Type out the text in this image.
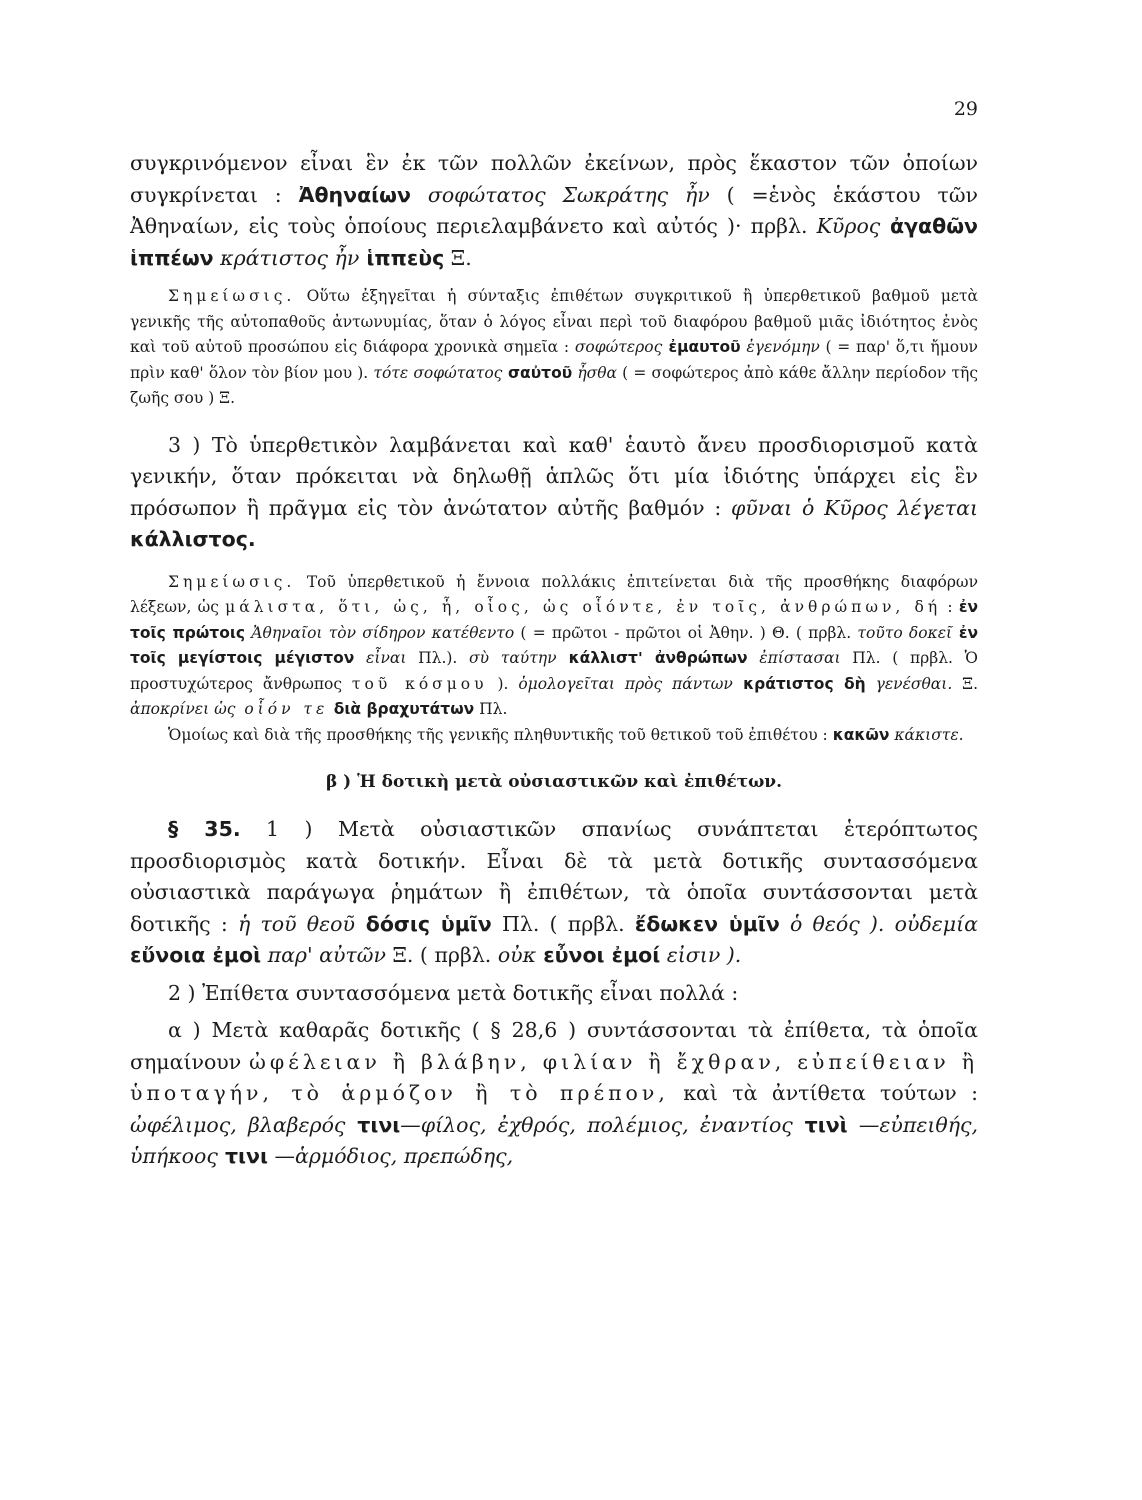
29

συγκρινόμενον εἶναι ἓν ἐκ τῶν πολλῶν ἐκείνων, πρὸς ἕκαστον τῶν ὁποίων συγκρίνεται : Ἀθηναίων σοφώτατος Σωκράτης ἦν ( =ἑνὸς ἑκάστου τῶν Ἀθηναίων, εἰς τοὺς ὁποίους περιελαμβάνετο καὶ αὐτός )· πρβλ. Κῦρος ἀγαθῶν ἱππέων κράτιστος ἦν ἱππεὺς Ξ.

Σημείωσις. Οὕτω ἐξηγεῖται ἡ σύνταξις ἐπιθέτων συγκριτικοῦ ἢ ὑπερθετικοῦ βαθμοῦ μετὰ γενικῆς τῆς αὐτοπαθοῦς ἀντωνυμίας, ὅταν ὁ λόγος εἶναι περὶ τοῦ διαφόρου βαθμοῦ μιᾶς ἰδιότητος ἑνὸς καὶ τοῦ αὐτοῦ προσώπου εἰς διάφορα χρονικὰ σημεῖα : σοφώτερος ἐμαυτοῦ ἐγενόμην ( = παρ' ὅ,τι ἤμουν πρὶν καθ' ὅλον τὸν βίον μου ). τότε σοφώτατος σαὐτοῦ ἦσθα ( = σοφώτερος ἀπὸ κάθε ἄλλην περίοδον τῆς ζωῆς σου ) Ξ.

3 ) Τὸ ὑπερθετικὸν λαμβάνεται καὶ καθ' ἑαυτὸ ἄνευ προσδιορισμοῦ κατὰ γενικήν, ὅταν πρόκειται νὰ δηλωθῇ ἁπλῶς ὅτι μία ἰδιότης ὑπάρχει εἰς ἓν πρόσωπον ἢ πρᾶγμα εἰς τὸν ἀνώτατον αὐτῆς βαθμόν : φῦναι ὁ Κῦρος λέγεται κάλλιστος.

Σημείωσις. Τοῦ ὑπερθετικοῦ ἡ ἔννοια πολλάκις ἐπιτείνεται διὰ τῆς προσθήκης διαφόρων λέξεων, ὡς μάλιστα, ὅτι, ὡς, ἧ, οἷος, ὡς οἷόντε, ἐν τοῖς, ἀνθρώπων, δή : ἐν τοῖς πρώτοις Ἀθηναῖοι τὸν σίδηρον κατέθεντο ( = πρῶτοι - πρῶτοι οἱ Ἀθην. ) Θ. ( πρβλ. τοῦτο δοκεῖ ἐν τοῖς μεγίστοις μέγιστον εἶναι Πλ.). σὺ ταύτην κάλλιστ' ἀνθρώπων ἐπίστασαι Πλ. ( πρβλ. Ὁ προστυχώτερος ἄνθρωπος τοῦ κόσμου ). ὁμολογεῖται πρὸς πάντων κράτιστος δὴ γενέσθαι. Ξ. ἀποκρίνει ὡς οἷόν τε διὰ βραχυτάτων Πλ.

Ὁμοίως καὶ διὰ τῆς προσθήκης τῆς γενικῆς πληθυντικῆς τοῦ θετικοῦ τοῦ ἐπιθέτου : κακῶν κάκιστε.

β ) Ἡ δοτικὴ μετὰ οὐσιαστικῶν καὶ ἐπιθέτων.

§ 35. 1 ) Μετὰ οὐσιαστικῶν σπανίως συνάπτεται ἑτερόπτωτος προσδιορισμὸς κατὰ δοτικήν. Εἶναι δὲ τὰ μετὰ δοτικῆς συντασσόμενα οὐσιαστικὰ παράγωγα ῥημάτων ἢ ἐπιθέτων, τὰ ὁποῖα συντάσσονται μετὰ δοτικῆς : ἡ τοῦ θεοῦ δόσις ὑμῖν Πλ. ( πρβλ. ἔδωκεν ὑμῖν ὁ θεός ). οὐδεμία εὔνοια ἐμοὶ παρ' αὐτῶν Ξ. ( πρβλ. οὐκ εὖνοι ἐμοί εἰσιν ).

2 ) Ἐπίθετα συντασσόμενα μετὰ δοτικῆς εἶναι πολλά :

α ) Μετὰ καθαρᾶς δοτικῆς ( § 28,6 ) συντάσσονται τὰ ἐπίθετα, τὰ ὁποῖα σημαίνουν ὠφέλειαν ἢ βλάβην, φιλίαν ἢ ἔχθραν, εὐπείθειαν ἢ ὑποταγήν, τὸ ἁρμόζον ἢ τὸ πρέπον, καὶ τὰ ἀντίθετα τούτων : ὠφέλιμος, βλαβερός τινι—φίλος, ἐχθρός, πολέμιος, ἐναντίος τινὶ —εὐπειθής, ὑπήκοος τινι —ἁρμόδιος, πρεπώδης,
